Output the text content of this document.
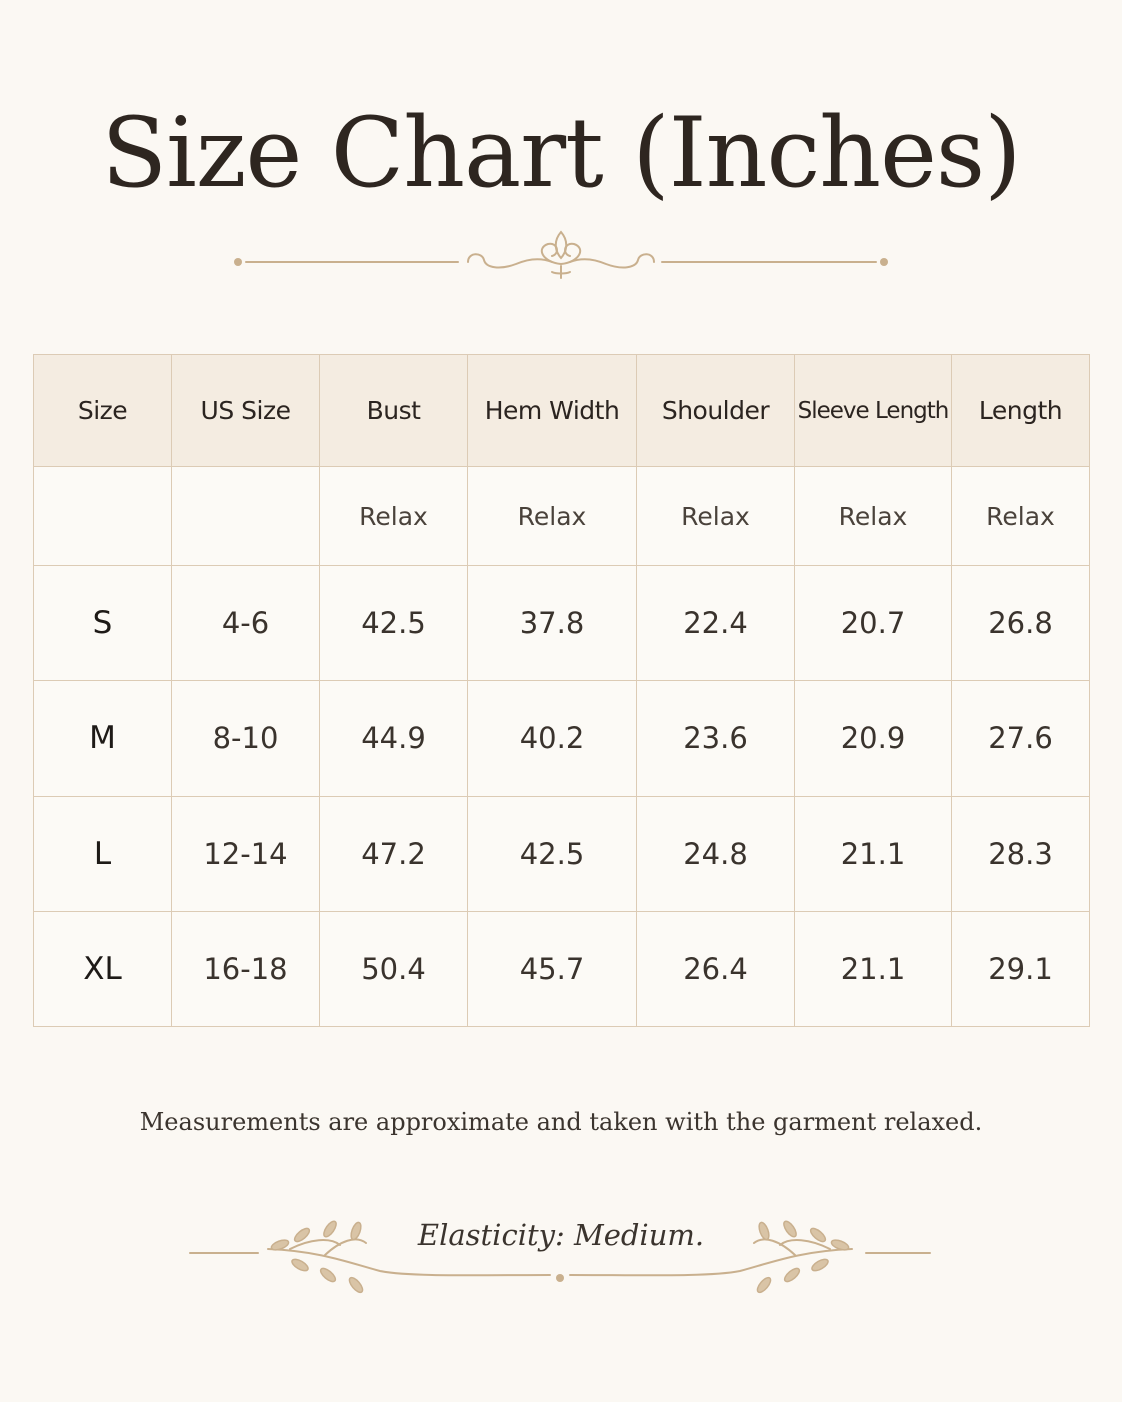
Size Chart (Inches)
Size	US Size	Bust	Hem Width	Shoulder	Sleeve Length	Length
		Relax	Relax	Relax	Relax	Relax
S	4-6	42.5	37.8	22.4	20.7	26.8
M	8-10	44.9	40.2	23.6	20.9	27.6
L	12-14	47.2	42.5	24.8	21.1	28.3
XL	16-18	50.4	45.7	26.4	21.1	29.1

Measurements are approximate and taken with the garment relaxed.

Elasticity: Medium.
